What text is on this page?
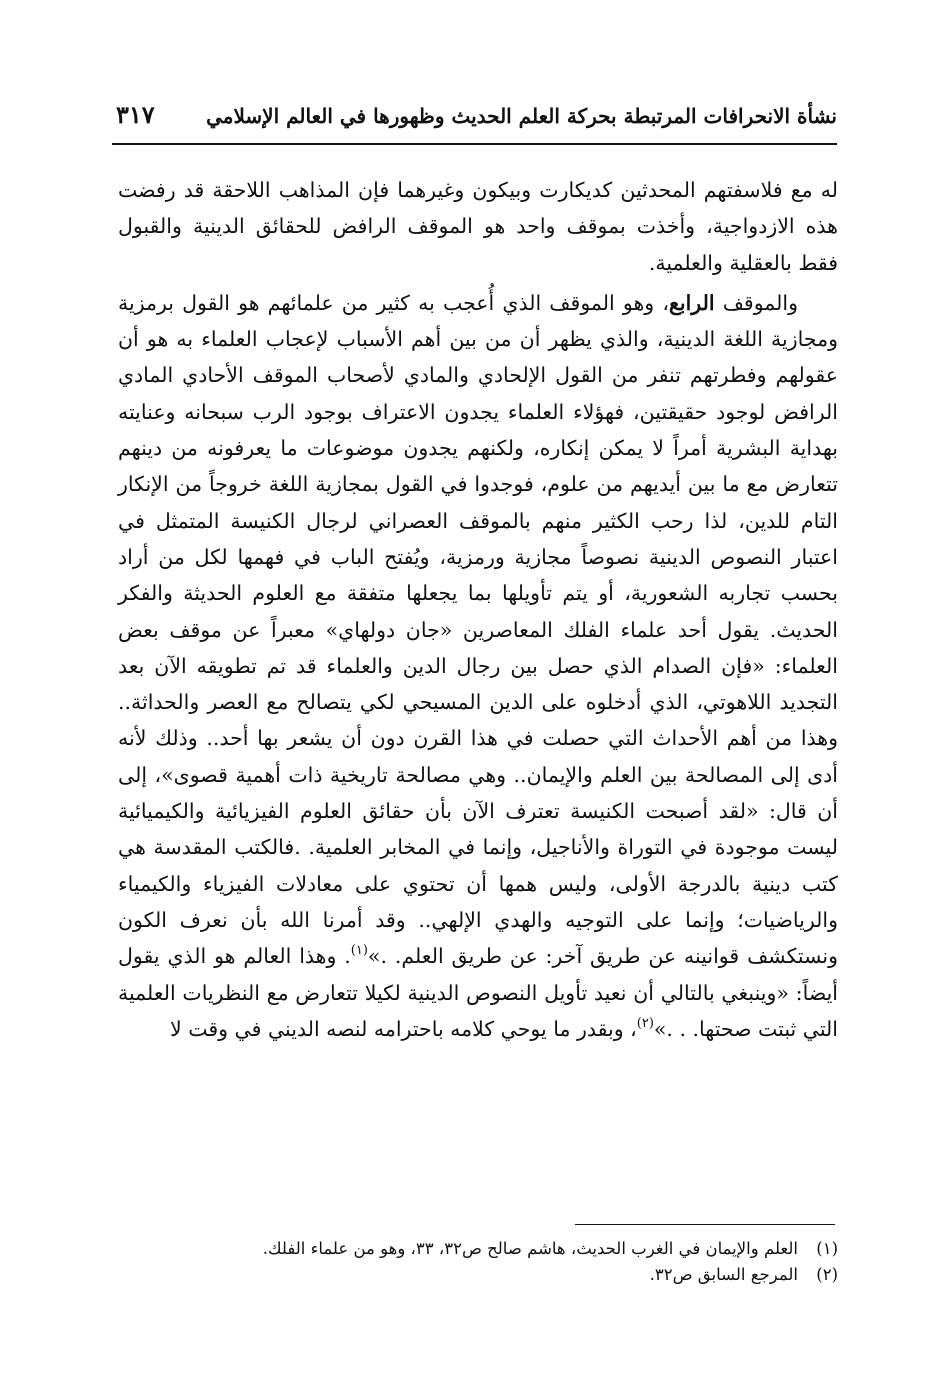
نشأة الانحرافات المرتبطة بحركة العلم الحديث وظهورها في العالم الإسلامي
٣١٧

له مع فلاسفتهم المحدثين كديكارت وبيكون وغيرهما فإن المذاهب اللاحقة قد رفضت هذه الازدواجية، وأخذت بموقف واحد هو الموقف الرافض للحقائق الدينية والقبول فقط بالعقلية والعلمية.

والموقف الرابع، وهو الموقف الذي أُعجب به كثير من علمائهم هو القول برمزية ومجازية اللغة الدينية، والذي يظهر أن من بين أهم الأسباب لإعجاب العلماء به هو أن عقولهم وفطرتهم تنفر من القول الإلحادي والمادي لأصحاب الموقف الأحادي المادي الرافض لوجود حقيقتين، فهؤلاء العلماء يجدون الاعتراف بوجود الرب سبحانه وعنايته بهداية البشرية أمراً لا يمكن إنكاره، ولكنهم يجدون موضوعات ما يعرفونه من دينهم تتعارض مع ما بين أيديهم من علوم، فوجدوا في القول بمجازية اللغة خروجاً من الإنكار التام للدين، لذا رحب الكثير منهم بالموقف العصراني لرجال الكنيسة المتمثل في اعتبار النصوص الدينية نصوصاً مجازية ورمزية، ويُفتح الباب في فهمها لكل من أراد بحسب تجاربه الشعورية، أو يتم تأويلها بما يجعلها متفقة مع العلوم الحديثة والفكر الحديث. يقول أحد علماء الفلك المعاصرين «جان دولهاي» معبراً عن موقف بعض العلماء: «فإن الصدام الذي حصل بين رجال الدين والعلماء قد تم تطويقه الآن بعد التجديد اللاهوتي، الذي أدخلوه على الدين المسيحي لكي يتصالح مع العصر والحداثة.. وهذا من أهم الأحداث التي حصلت في هذا القرن دون أن يشعر بها أحد.. وذلك لأنه أدى إلى المصالحة بين العلم والإيمان.. وهي مصالحة تاريخية ذات أهمية قصوى»، إلى أن قال: «لقد أصبحت الكنيسة تعترف الآن بأن حقائق العلوم الفيزيائية والكيميائية ليست موجودة في التوراة والأناجيل، وإنما في المخابر العلمية. .فالكتب المقدسة هي كتب دينية بالدرجة الأولى، وليس همها أن تحتوي على معادلات الفيزياء والكيمياء والرياضيات؛ وإنما على التوجيه والهدي الإلهي.. وقد أمرنا الله بأن نعرف الكون ونستكشف قوانينه عن طريق آخر: عن طريق العلم. .»$^{(١)}$. وهذا العالم هو الذي يقول أيضاً: «وينبغي بالتالي أن نعيد تأويل النصوص الدينية لكيلا تتعارض مع النظريات العلمية التي ثبتت صحتها. . .»$^{(٢)}$، وبقدر ما يوحي كلامه باحترامه لنصه الديني في وقت لا

(١)العلم والإيمان في الغرب الحديث، هاشم صالح ص٣٢، ٣٣، وهو من علماء الفلك.
(٢)المرجع السابق ص٣٢.
